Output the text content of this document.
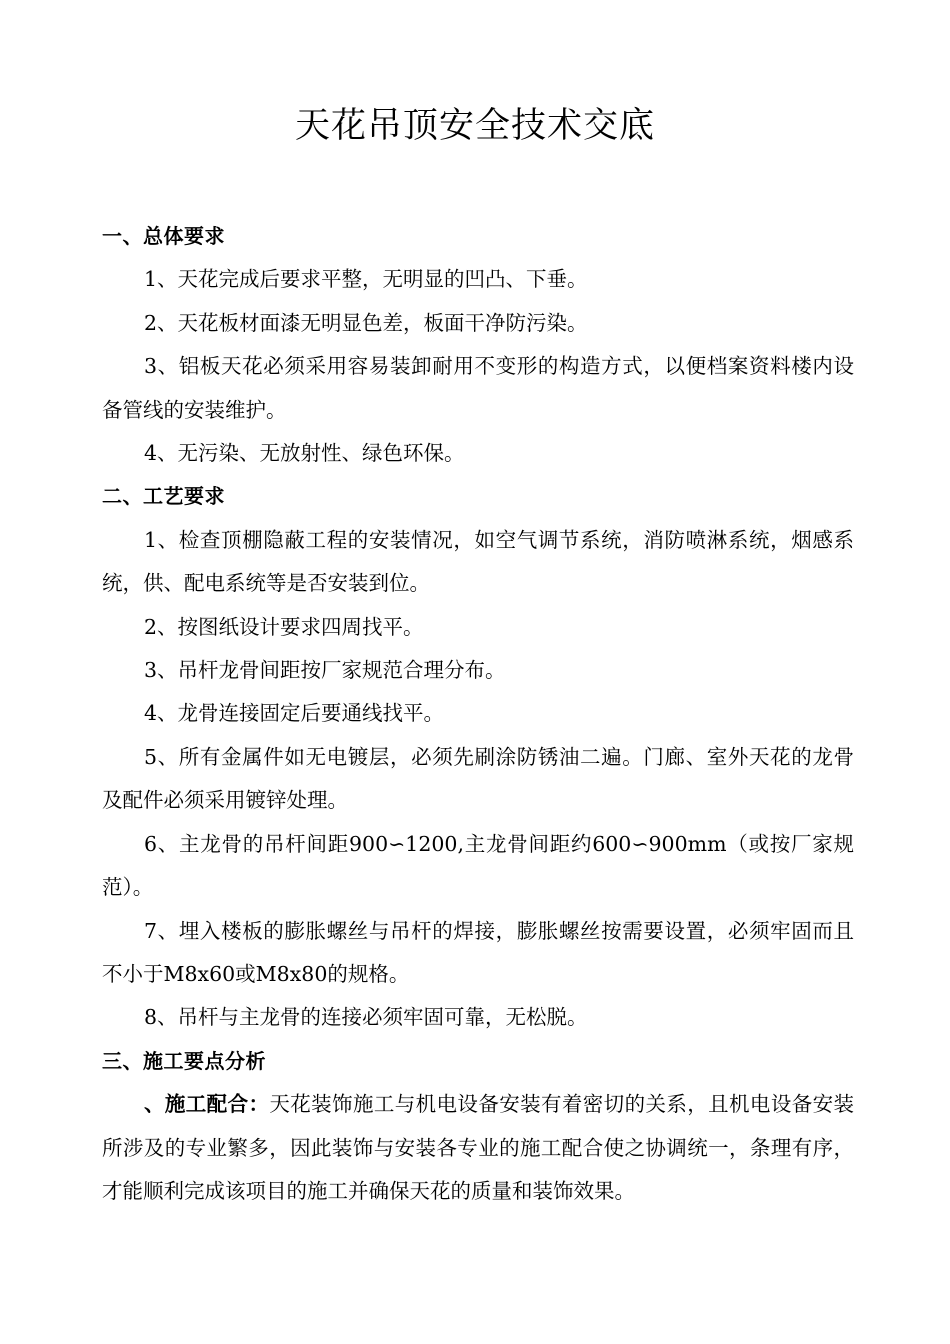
天花吊顶安全技术交底
一、总体要求

1、天花完成后要求平整，无明显的凹凸、下垂。

2、天花板材面漆无明显色差，板面干净防污染。

3、铝板天花必须采用容易装卸耐用不变形的构造方式，以便档案资料楼内设备管线的安装维护。

4、无污染、无放射性、绿色环保。

二、工艺要求

1、检查顶棚隐蔽工程的安装情况，如空气调节系统，消防喷淋系统，烟感系统，供、配电系统等是否安装到位。

2、按图纸设计要求四周找平。

3、吊杆龙骨间距按厂家规范合理分布。

4、龙骨连接固定后要通线找平。

5、所有金属件如无电镀层，必须先刷涂防锈油二遍。门廊、室外天花的龙骨及配件必须采用镀锌处理。

6、主龙骨的吊杆间距900∽1200,主龙骨间距约600∽900mm（或按厂家规范）。

7、埋入楼板的膨胀螺丝与吊杆的焊接，膨胀螺丝按需要设置，必须牢固而且不小于M8x60或M8x80的规格。

8、吊杆与主龙骨的连接必须牢固可靠，无松脱。

三、施工要点分析

、施工配合：天花装饰施工与机电设备安装有着密切的关系，且机电设备安装所涉及的专业繁多，因此装饰与安装各专业的施工配合使之协调统一，条理有序，才能顺利完成该项目的施工并确保天花的质量和装饰效果。
